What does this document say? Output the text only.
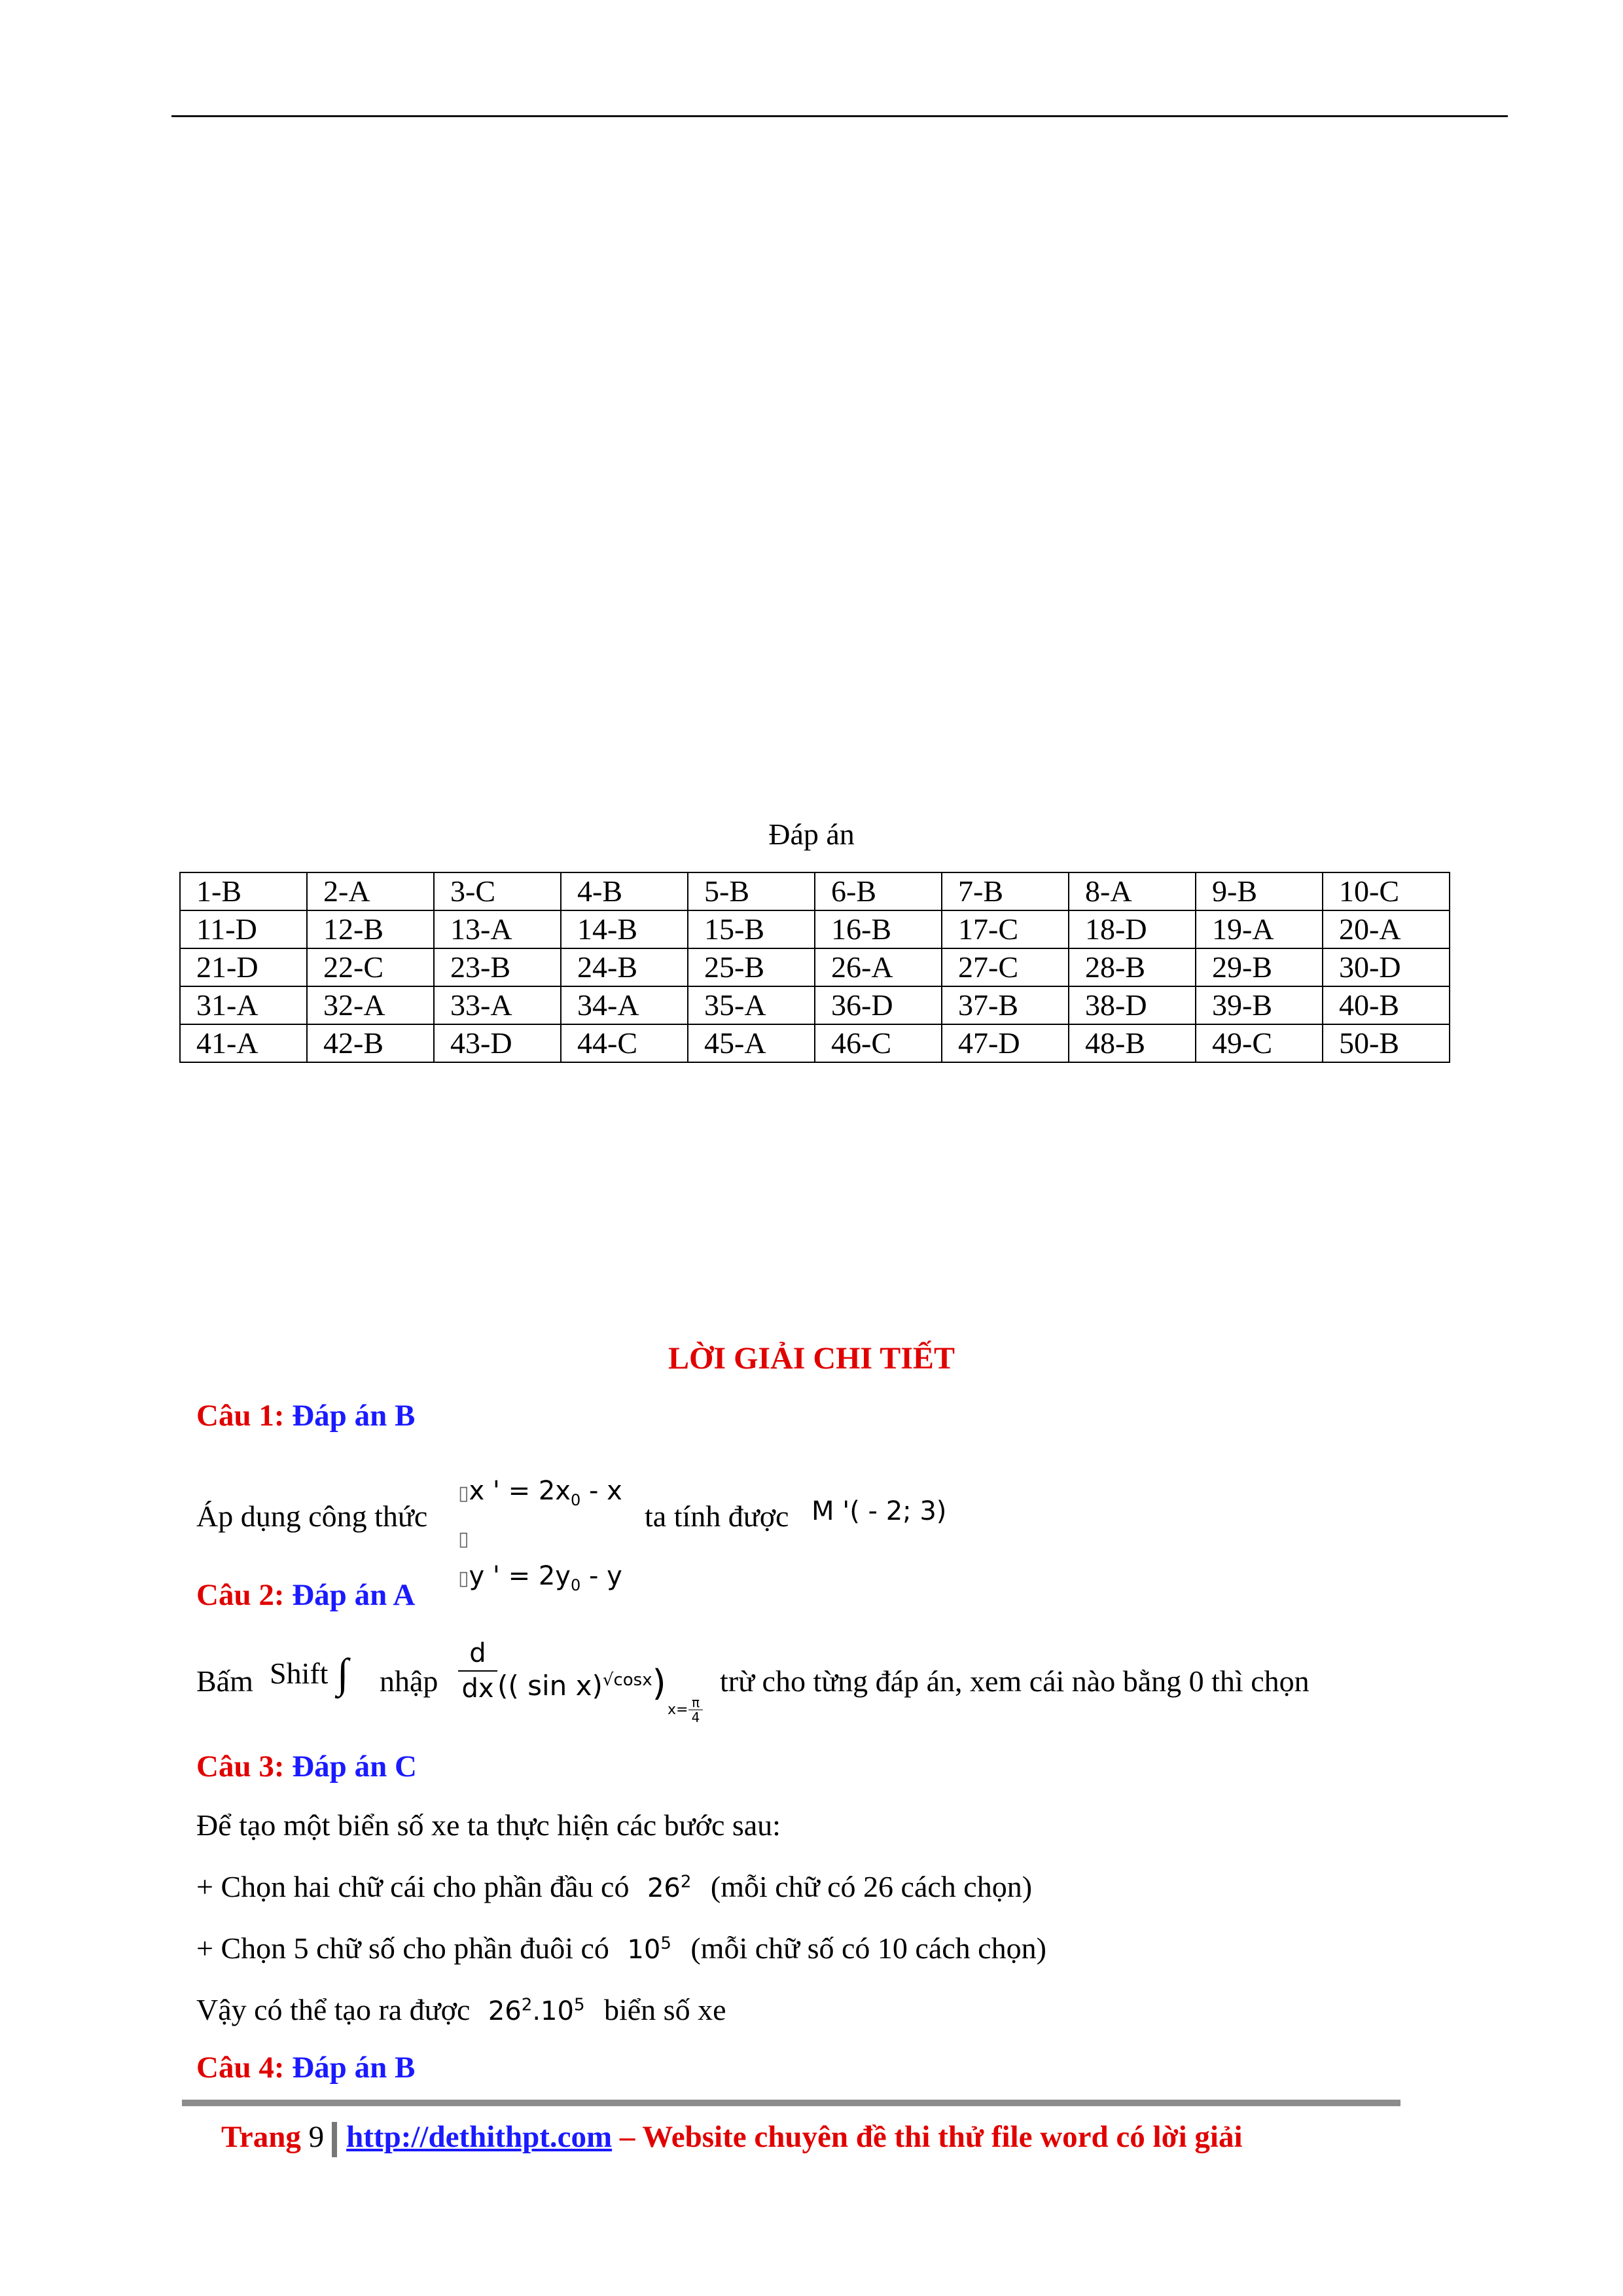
Đáp án
1-B	2-A	3-C	4-B	5-B	6-B	7-B	8-A	9-B	10-C
11-D	12-B	13-A	14-B	15-B	16-B	17-C	18-D	19-A	20-A
21-D	22-C	23-B	24-B	25-B	26-A	27-C	28-B	29-B	30-D
31-A	32-A	33-A	34-A	35-A	36-D	37-B	38-D	39-B	40-B
41-A	42-B	43-D	44-C	45-A	46-C	47-D	48-B	49-C	50-B
LỜI GIẢI CHI TIẾT
Câu 1: Đáp án B
Áp dụng công thức
▯x ' = $2x_0$ - x
▯
▯y ' = $2y_0$ - y
ta tính được M '( - 2; 3)
Câu 2: Đáp án A
Bấm Shift ∫ nhập $\frac{d}{dx}$ (( sin x)$^{√cosx}$)
$x= \frac{\pi}{4}$
trừ cho từng đáp án, xem cái nào bằng 0 thì chọn
Câu 3: Đáp án C
Để tạo một biển số xe ta thực hiện các bước sau:
+ Chọn hai chữ cái cho phần đầu có $26^2$ (mỗi chữ có 26 cách chọn)
+ Chọn 5 chữ số cho phần đuôi có $10^5$ (mỗi chữ số có 10 cách chọn)
Vậy có thể tạo ra được $26^2.10^5$ biển số xe
Câu 4: Đáp án B
Trang 9 http://dethithpt.com – Website chuyên đề thi thử file word có lời giải
